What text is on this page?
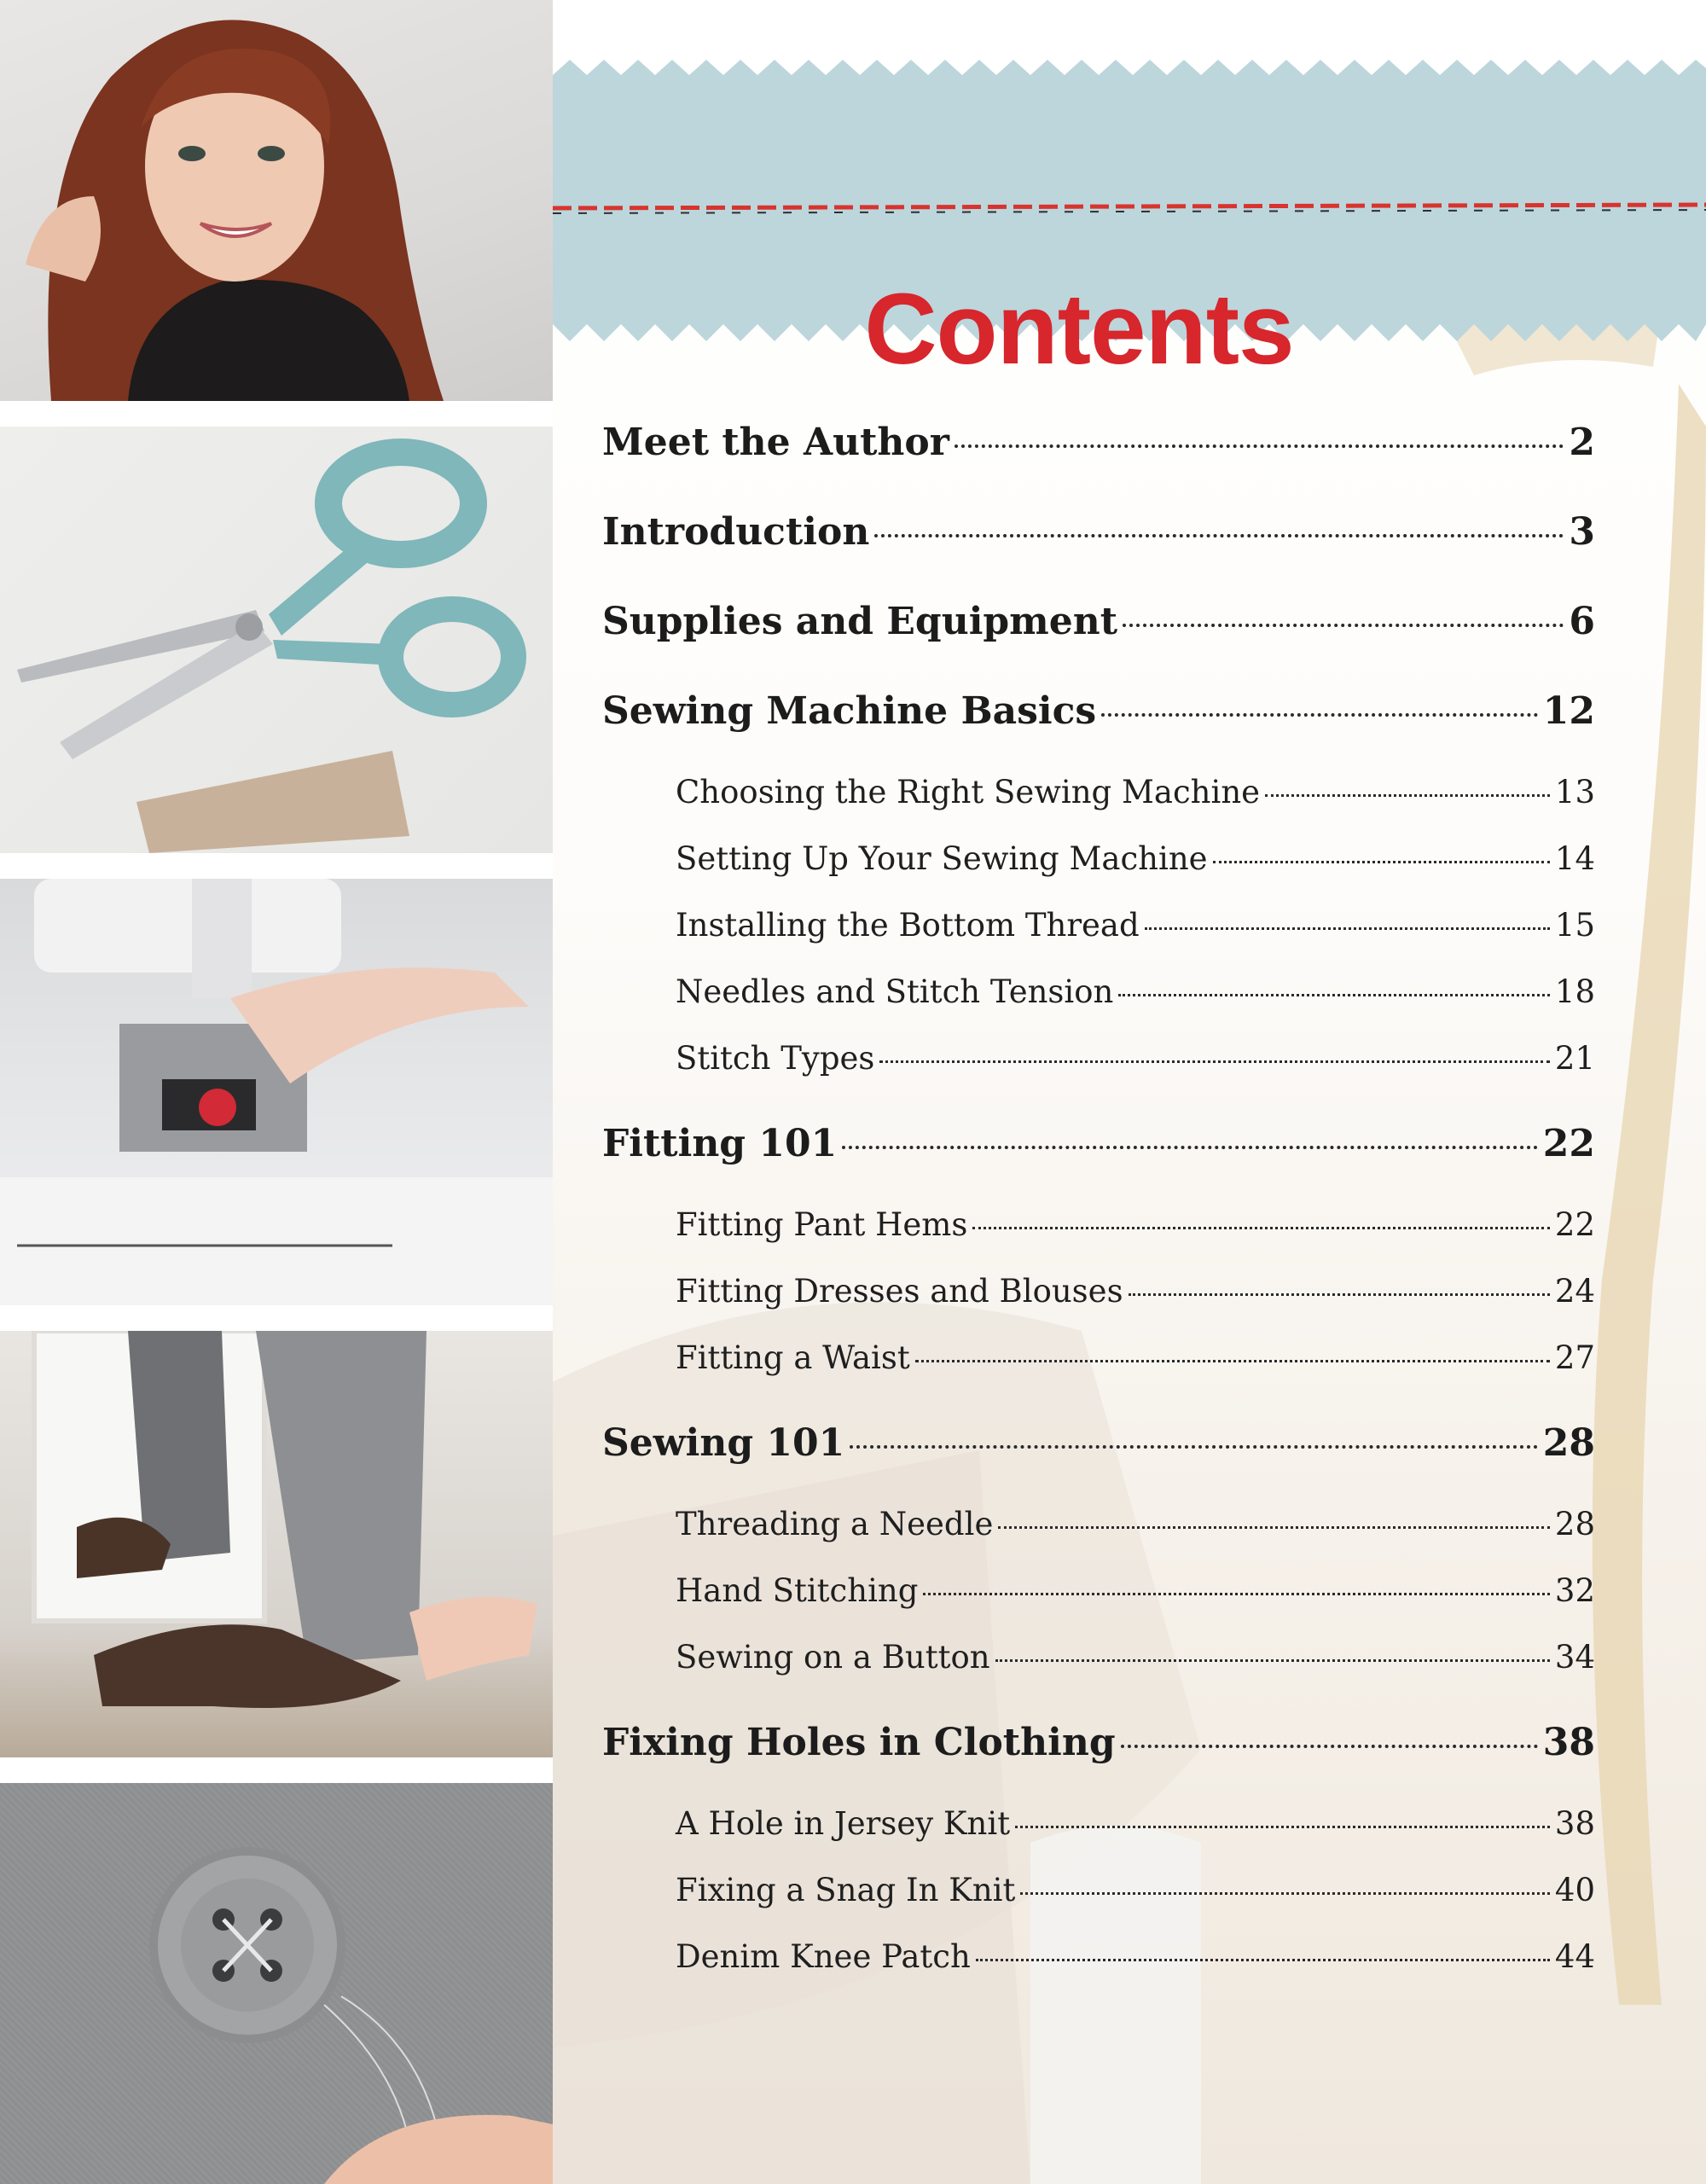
Contents
Meet the Author	2
Introduction	3
Supplies and Equipment	6
Sewing Machine Basics	12
Choosing the Right Sewing Machine	13
Setting Up Your Sewing Machine	14
Installing the Bottom Thread	15
Needles and Stitch Tension	18
Stitch Types	21
Fitting 101	22
Fitting Pant Hems	22
Fitting Dresses and Blouses	24
Fitting a Waist	27
Sewing 101	28
Threading a Needle	28
Hand Stitching	32
Sewing on a Button	34
Fixing Holes in Clothing	38
A Hole in Jersey Knit	38
Fixing a Snag In Knit	40
Denim Knee Patch	44
